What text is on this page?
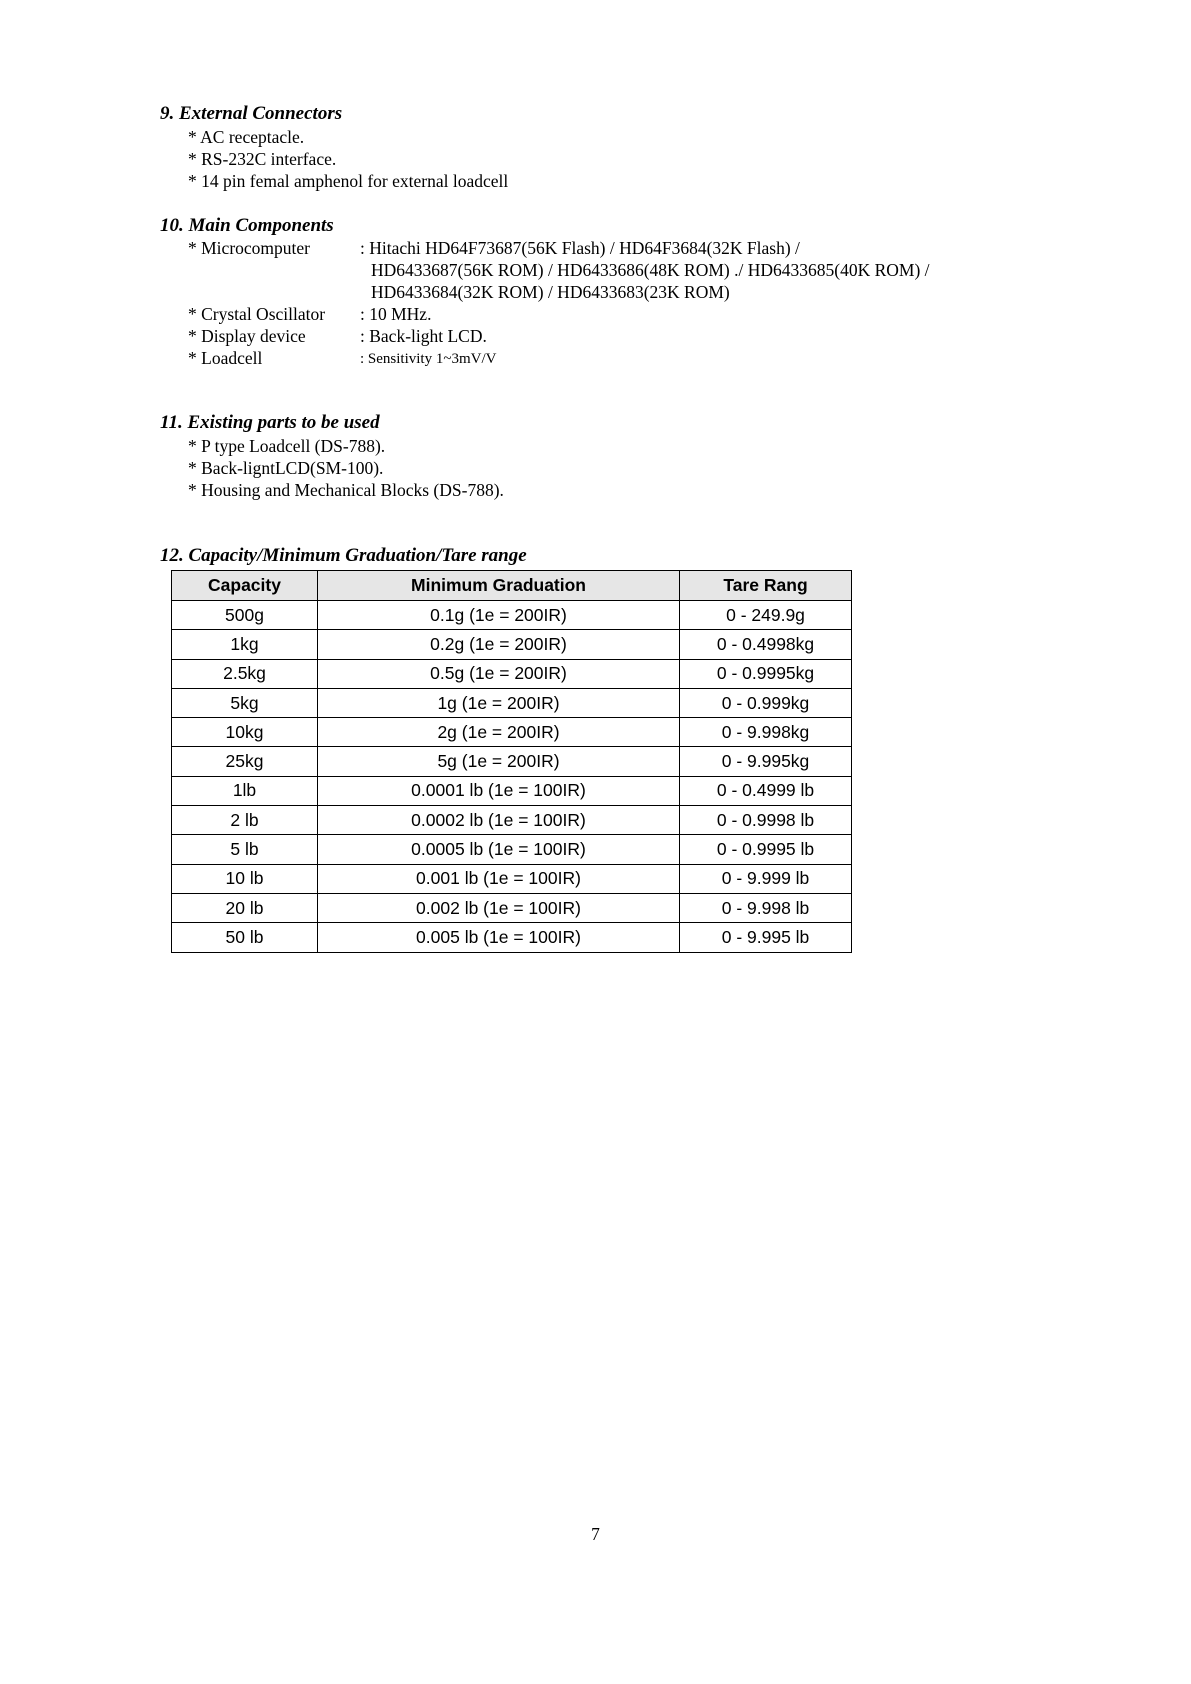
9. External Connectors
* AC receptacle.
* RS-232C interface.
* 14 pin femal amphenol for external loadcell
10. Main Components
* Microcomputer	: Hitachi HD64F73687(56K Flash) / HD64F3684(32K Flash) /
HD6433687(56K ROM) / HD6433686(48K ROM) ./ HD6433685(40K ROM) /
HD6433684(32K ROM) / HD6433683(23K ROM)
* Crystal Oscillator : 10 MHz.
* Display device	: Back-light LCD.
* Loadcell	: Sensitivity 1~3mV/V
11. Existing parts to be used
* P type Loadcell (DS-788).
* Back-ligntLCD(SM-100).
* Housing and Mechanical Blocks (DS-788).
12. Capacity/Minimum Graduation/Tare range
Capacity	Minimum Graduation	Tare Rang
500g	0.1g (1e = 200IR)	0 - 249.9g
1kg	0.2g (1e = 200IR)	0 - 0.4998kg
2.5kg	0.5g (1e = 200IR)	0 - 0.9995kg
5kg	1g (1e = 200IR)	0 - 0.999kg
10kg	2g (1e = 200IR)	0 - 9.998kg
25kg	5g (1e = 200IR)	0 - 9.995kg
1lb	0.0001 lb (1e = 100IR)	0 - 0.4999 lb
2 lb	0.0002 lb (1e = 100IR)	0 - 0.9998 lb
5 lb	0.0005 lb (1e = 100IR)	0 - 0.9995 lb
10 lb	0.001 lb (1e = 100IR)	0 - 9.999 lb
20 lb	0.002 lb (1e = 100IR)	0 - 9.998 lb
50 lb	0.005 lb (1e = 100IR)	0 - 9.995 lb
7
